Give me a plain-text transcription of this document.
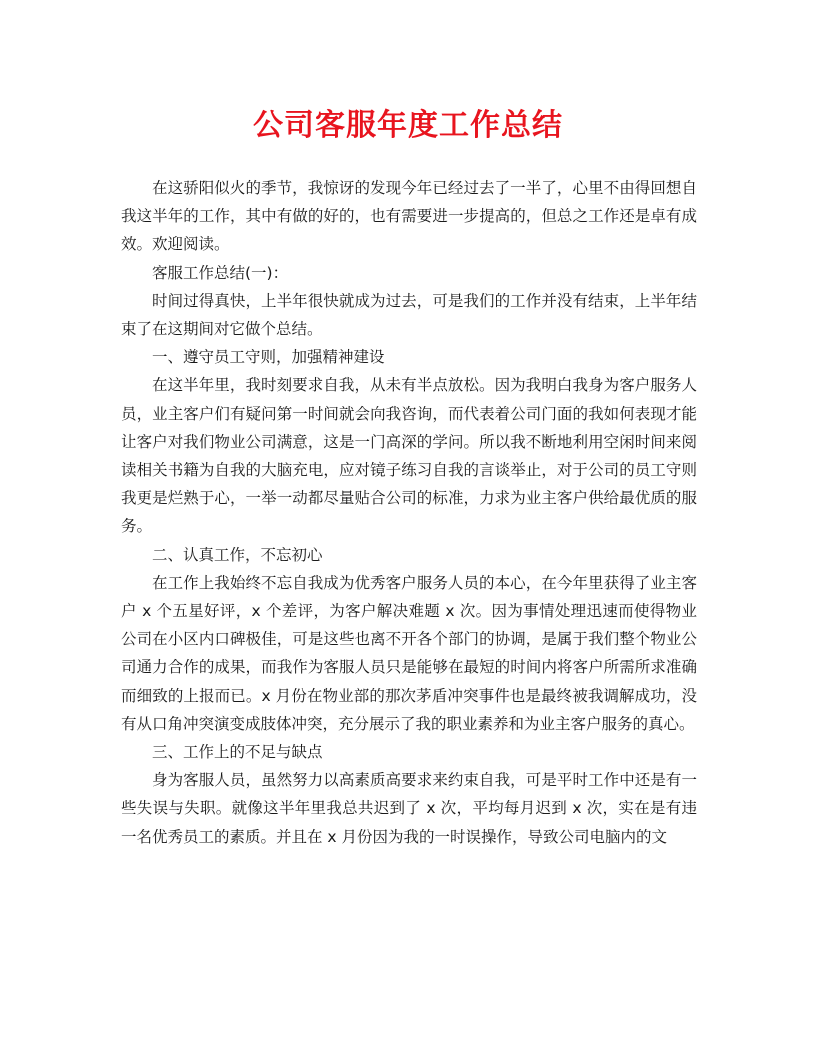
公司客服年度工作总结

在这骄阳似火的季节，我惊讶的发现今年已经过去了一半了，心里不由得回想自我这半年的工作，其中有做的好的，也有需要进一步提高的，但总之工作还是卓有成效。欢迎阅读。

客服工作总结(一)：

时间过得真快，上半年很快就成为过去，可是我们的工作并没有结束，上半年结束了在这期间对它做个总结。

一、遵守员工守则，加强精神建设

在这半年里，我时刻要求自我，从未有半点放松。因为我明白我身为客户服务人员，业主客户们有疑问第一时间就会向我咨询，而代表着公司门面的我如何表现才能让客户对我们物业公司满意，这是一门高深的学问。所以我不断地利用空闲时间来阅读相关书籍为自我的大脑充电，应对镜子练习自我的言谈举止，对于公司的员工守则我更是烂熟于心，一举一动都尽量贴合公司的标准，力求为业主客户供给最优质的服务。

二、认真工作，不忘初心

在工作上我始终不忘自我成为优秀客户服务人员的本心，在今年里获得了业主客户 x 个五星好评，x 个差评，为客户解决难题 x 次。因为事情处理迅速而使得物业公司在小区内口碑极佳，可是这些也离不开各个部门的协调，是属于我们整个物业公司通力合作的成果，而我作为客服人员只是能够在最短的时间内将客户所需所求准确而细致的上报而已。x 月份在物业部的那次茅盾冲突事件也是最终被我调解成功，没有从口角冲突演变成肢体冲突，充分展示了我的职业素养和为业主客户服务的真心。

三、工作上的不足与缺点

身为客服人员，虽然努力以高素质高要求来约束自我，可是平时工作中还是有一些失误与失职。就像这半年里我总共迟到了 x 次，平均每月迟到 x 次，实在是有违一名优秀员工的素质。并且在 x 月份因为我的一时误操作，导致公司电脑内的文
